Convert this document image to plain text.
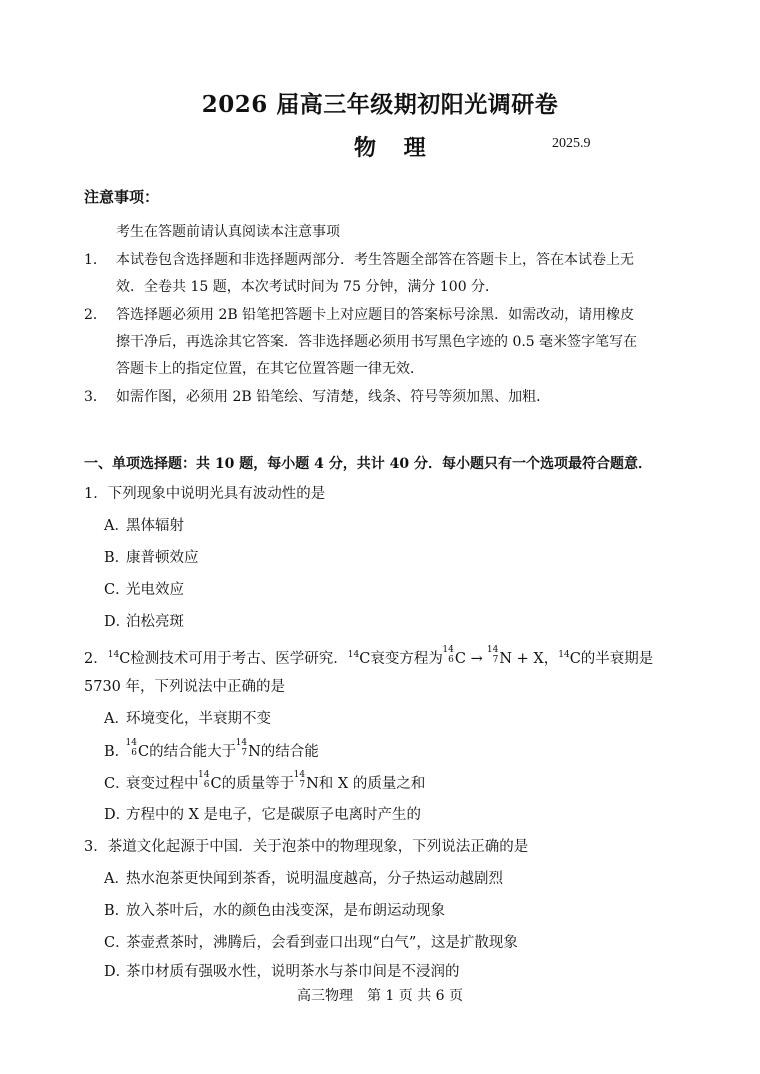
2026 届高三年级期初阳光调研卷
物 理	2025.9
注意事项：
考生在答题前请认真阅读本注意事项
1． 本试卷包含选择题和非选择题两部分．考生答题全部答在答题卡上，答在本试卷上无
效．全卷共 15 题，本次考试时间为 75 分钟，满分 100 分．
2． 答选择题必须用 2B 铅笔把答题卡上对应题目的答案标号涂黑．如需改动，请用橡皮
擦干净后，再选涂其它答案．答非选择题必须用书写黑色字迹的 0.5 毫米签字笔写在
答题卡上的指定位置，在其它位置答题一律无效．
3． 如需作图，必须用 2B 铅笔绘、写清楚，线条、符号等须加黑、加粗．
一、单项选择题：共 10 题，每小题 4 分，共计 40 分．每小题只有一个选项最符合题意．
1．下列现象中说明光具有波动性的是
A．黑体辐射
B．康普顿效应
C．光电效应
D．泊松亮斑
2．$^{14}$C检测技术可用于考古、医学研究．$^{14}$C衰变方程为
14
6 C →
14
7 N + X，$^{14}$C的半衰期是
5730 年，下列说法中正确的是
A．环境变化，半衰期不变
B．
14
6 C的结合能大于
14
7 N的结合能
C．衰变过程中
14
6 C的质量等于
14
7 N和 X 的质量之和
D．方程中的 X 是电子，它是碳原子电离时产生的
3．茶道文化起源于中国．关于泡茶中的物理现象，下列说法正确的是
A．热水泡茶更快闻到茶香，说明温度越高，分子热运动越剧烈
B．放入茶叶后，水的颜色由浅变深，是布朗运动现象
C．茶壶煮茶时，沸腾后，会看到壶口出现“白气”，这是扩散现象
D．茶巾材质有强吸水性，说明茶水与茶巾间是不浸润的
高三物理　第 1 页 共 6 页
